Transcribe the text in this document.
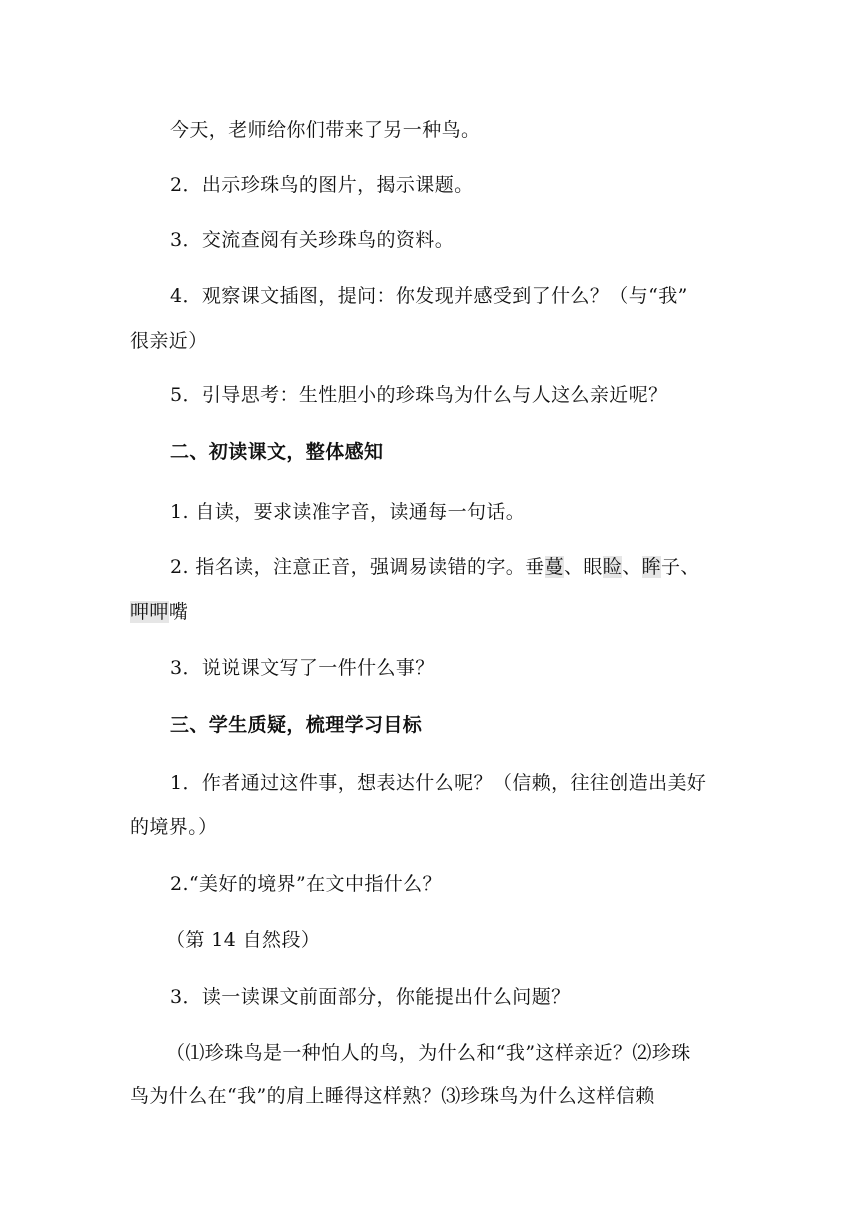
今天，老师给你们带来了另一种鸟。
2．出示珍珠鸟的图片，揭示课题。
3．交流查阅有关珍珠鸟的资料。
4．观察课文插图，提问：你发现并感受到了什么？（与“我”
很亲近）
5．引导思考：生性胆小的珍珠鸟为什么与人这么亲近呢？
二、初读课文，整体感知
1. 自读，要求读准字音，读通每一句话。
2. 指名读，注意正音，强调易读错的字。垂蔓、眼睑、眸子、
呷呷嘴
3．说说课文写了一件什么事？
三、学生质疑，梳理学习目标
1．作者通过这件事，想表达什么呢？（信赖，往往创造出美好
的境界。）
2.“美好的境界”在文中指什么？
（第 14 自然段）
3．读一读课文前面部分，你能提出什么问题？
（⑴珍珠鸟是一种怕人的鸟，为什么和“我”这样亲近？⑵珍珠
鸟为什么在“我”的肩上睡得这样熟？⑶珍珠鸟为什么这样信赖
